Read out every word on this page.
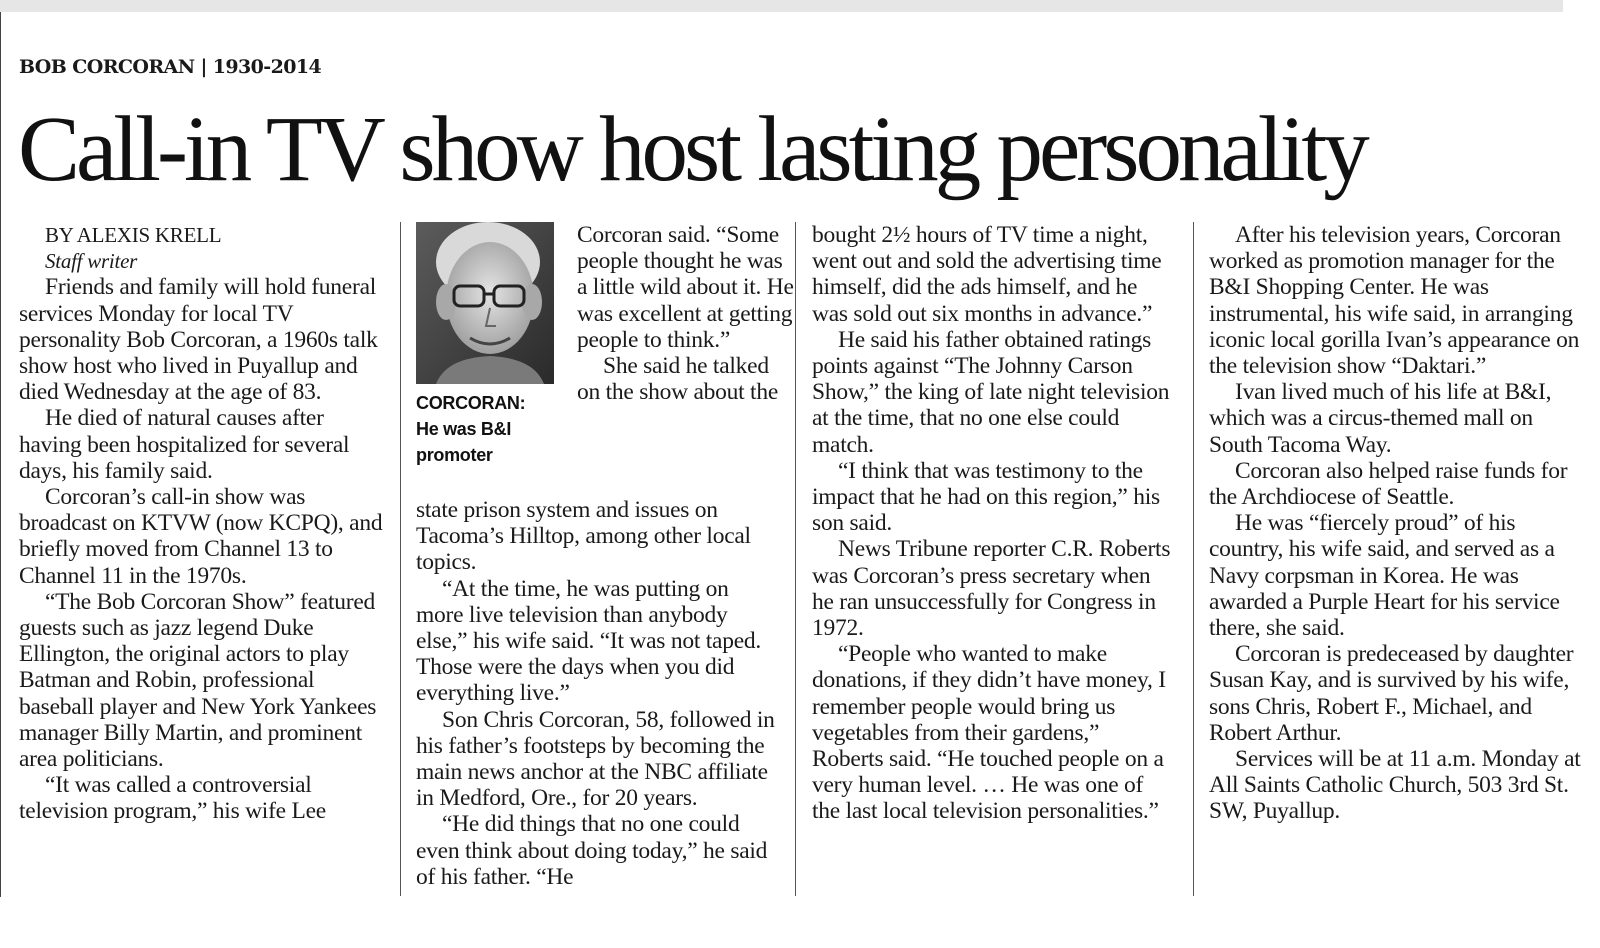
BOB CORCORAN | 1930-2014
Call-in TV show host lasting personality

BY ALEXIS KRELL

Staff writer

Friends and family will hold funeral services Monday for local TV personality Bob Corcoran, a 1960s talk show host who lived in Puyallup and died Wednesday at the age of 83.

He died of natural causes after having been hospitalized for several days, his family said.

Corcoran’s call-in show was broadcast on KTVW (now KCPQ), and briefly moved from Channel 13 to Channel 11 in the 1970s.

“The Bob Corcoran Show” featured guests such as jazz legend Duke Ellington, the original actors to play Batman and Robin, professional baseball player and New York Yankees manager Billy Martin, and prominent area politicians.

“It was called a controversial television program,” his wife Lee

CORCORAN:
He was B&I
promoter

Corcoran said. “Some people thought he was a little wild about it. He was excellent at getting people to think.”

She said he talked on the show about the

state prison system and issues on Tacoma’s Hilltop, among other local topics.

“At the time, he was putting on more live television than anybody else,” his wife said. “It was not taped. Those were the days when you did everything live.”

Son Chris Corcoran, 58, followed in his father’s footsteps by becoming the main news anchor at the NBC affiliate in Medford, Ore., for 20 years.

“He did things that no one could even think about doing today,” he said of his father. “He

bought 2½ hours of TV time a night, went out and sold the advertising time himself, did the ads himself, and he was sold out six months in advance.”

He said his father obtained ratings points against “The Johnny Carson Show,” the king of late night television at the time, that no one else could match.

“I think that was testimony to the impact that he had on this region,” his son said.

News Tribune reporter C.R. Roberts was Corcoran’s press secretary when he ran unsuccessfully for Congress in 1972.

“People who wanted to make donations, if they didn’t have money, I remember people would bring us vegetables from their gardens,” Roberts said. “He touched people on a very human level. … He was one of the last local television personalities.”

After his television years, Corcoran worked as promotion manager for the B&I Shopping Center. He was instrumental, his wife said, in arranging iconic local gorilla Ivan’s appearance on the television show “Daktari.”

Ivan lived much of his life at B&I, which was a circus-themed mall on South Tacoma Way.

Corcoran also helped raise funds for the Archdiocese of Seattle.

He was “fiercely proud” of his country, his wife said, and served as a Navy corpsman in Korea. He was awarded a Purple Heart for his service there, she said.

Corcoran is predeceased by daughter Susan Kay, and is survived by his wife, sons Chris, Robert F., Michael, and Robert Arthur.

Services will be at 11 a.m. Monday at All Saints Catholic Church, 503 3rd St. SW, Puyallup.
